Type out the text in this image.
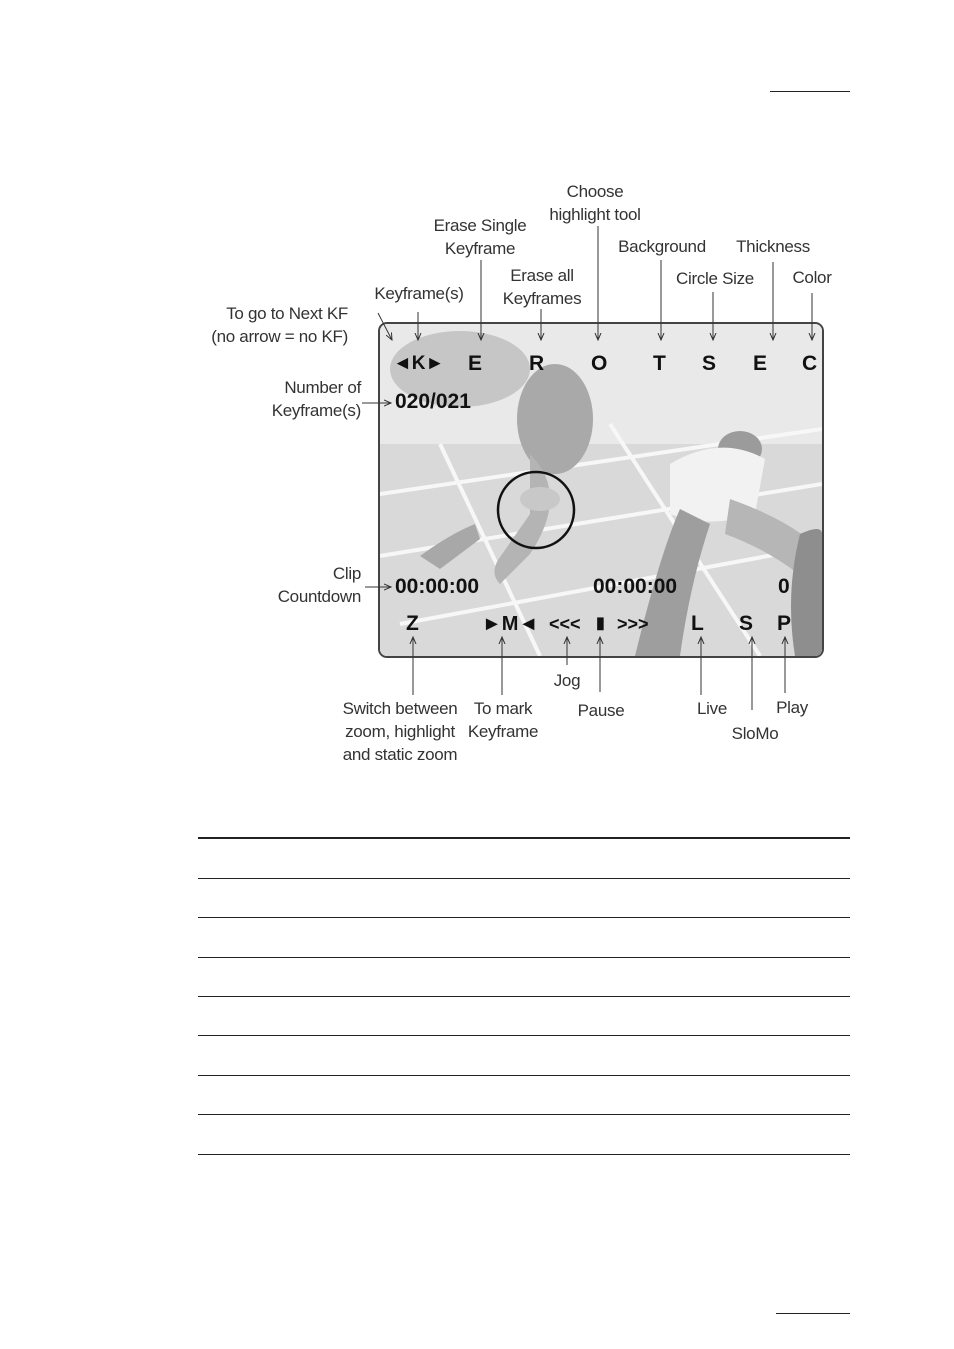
◄K► E R O T S E C
020/021
00:00:00	00:00:00	0
Z	►M◄ <<< ▮ >>> L S P
To go to Next KF
(no arrow = no KF)
Keyframe(s)
Erase Single
Keyframe
Erase all
Keyframes
Choose
highlight tool
Background
Circle Size
Thickness
Color
Number of
Keyframe(s)
Clip
Countdown
Switch between
zoom, highlight
and static zoom
To mark
Keyframe
Jog
Pause	Live
SloMo
Play
